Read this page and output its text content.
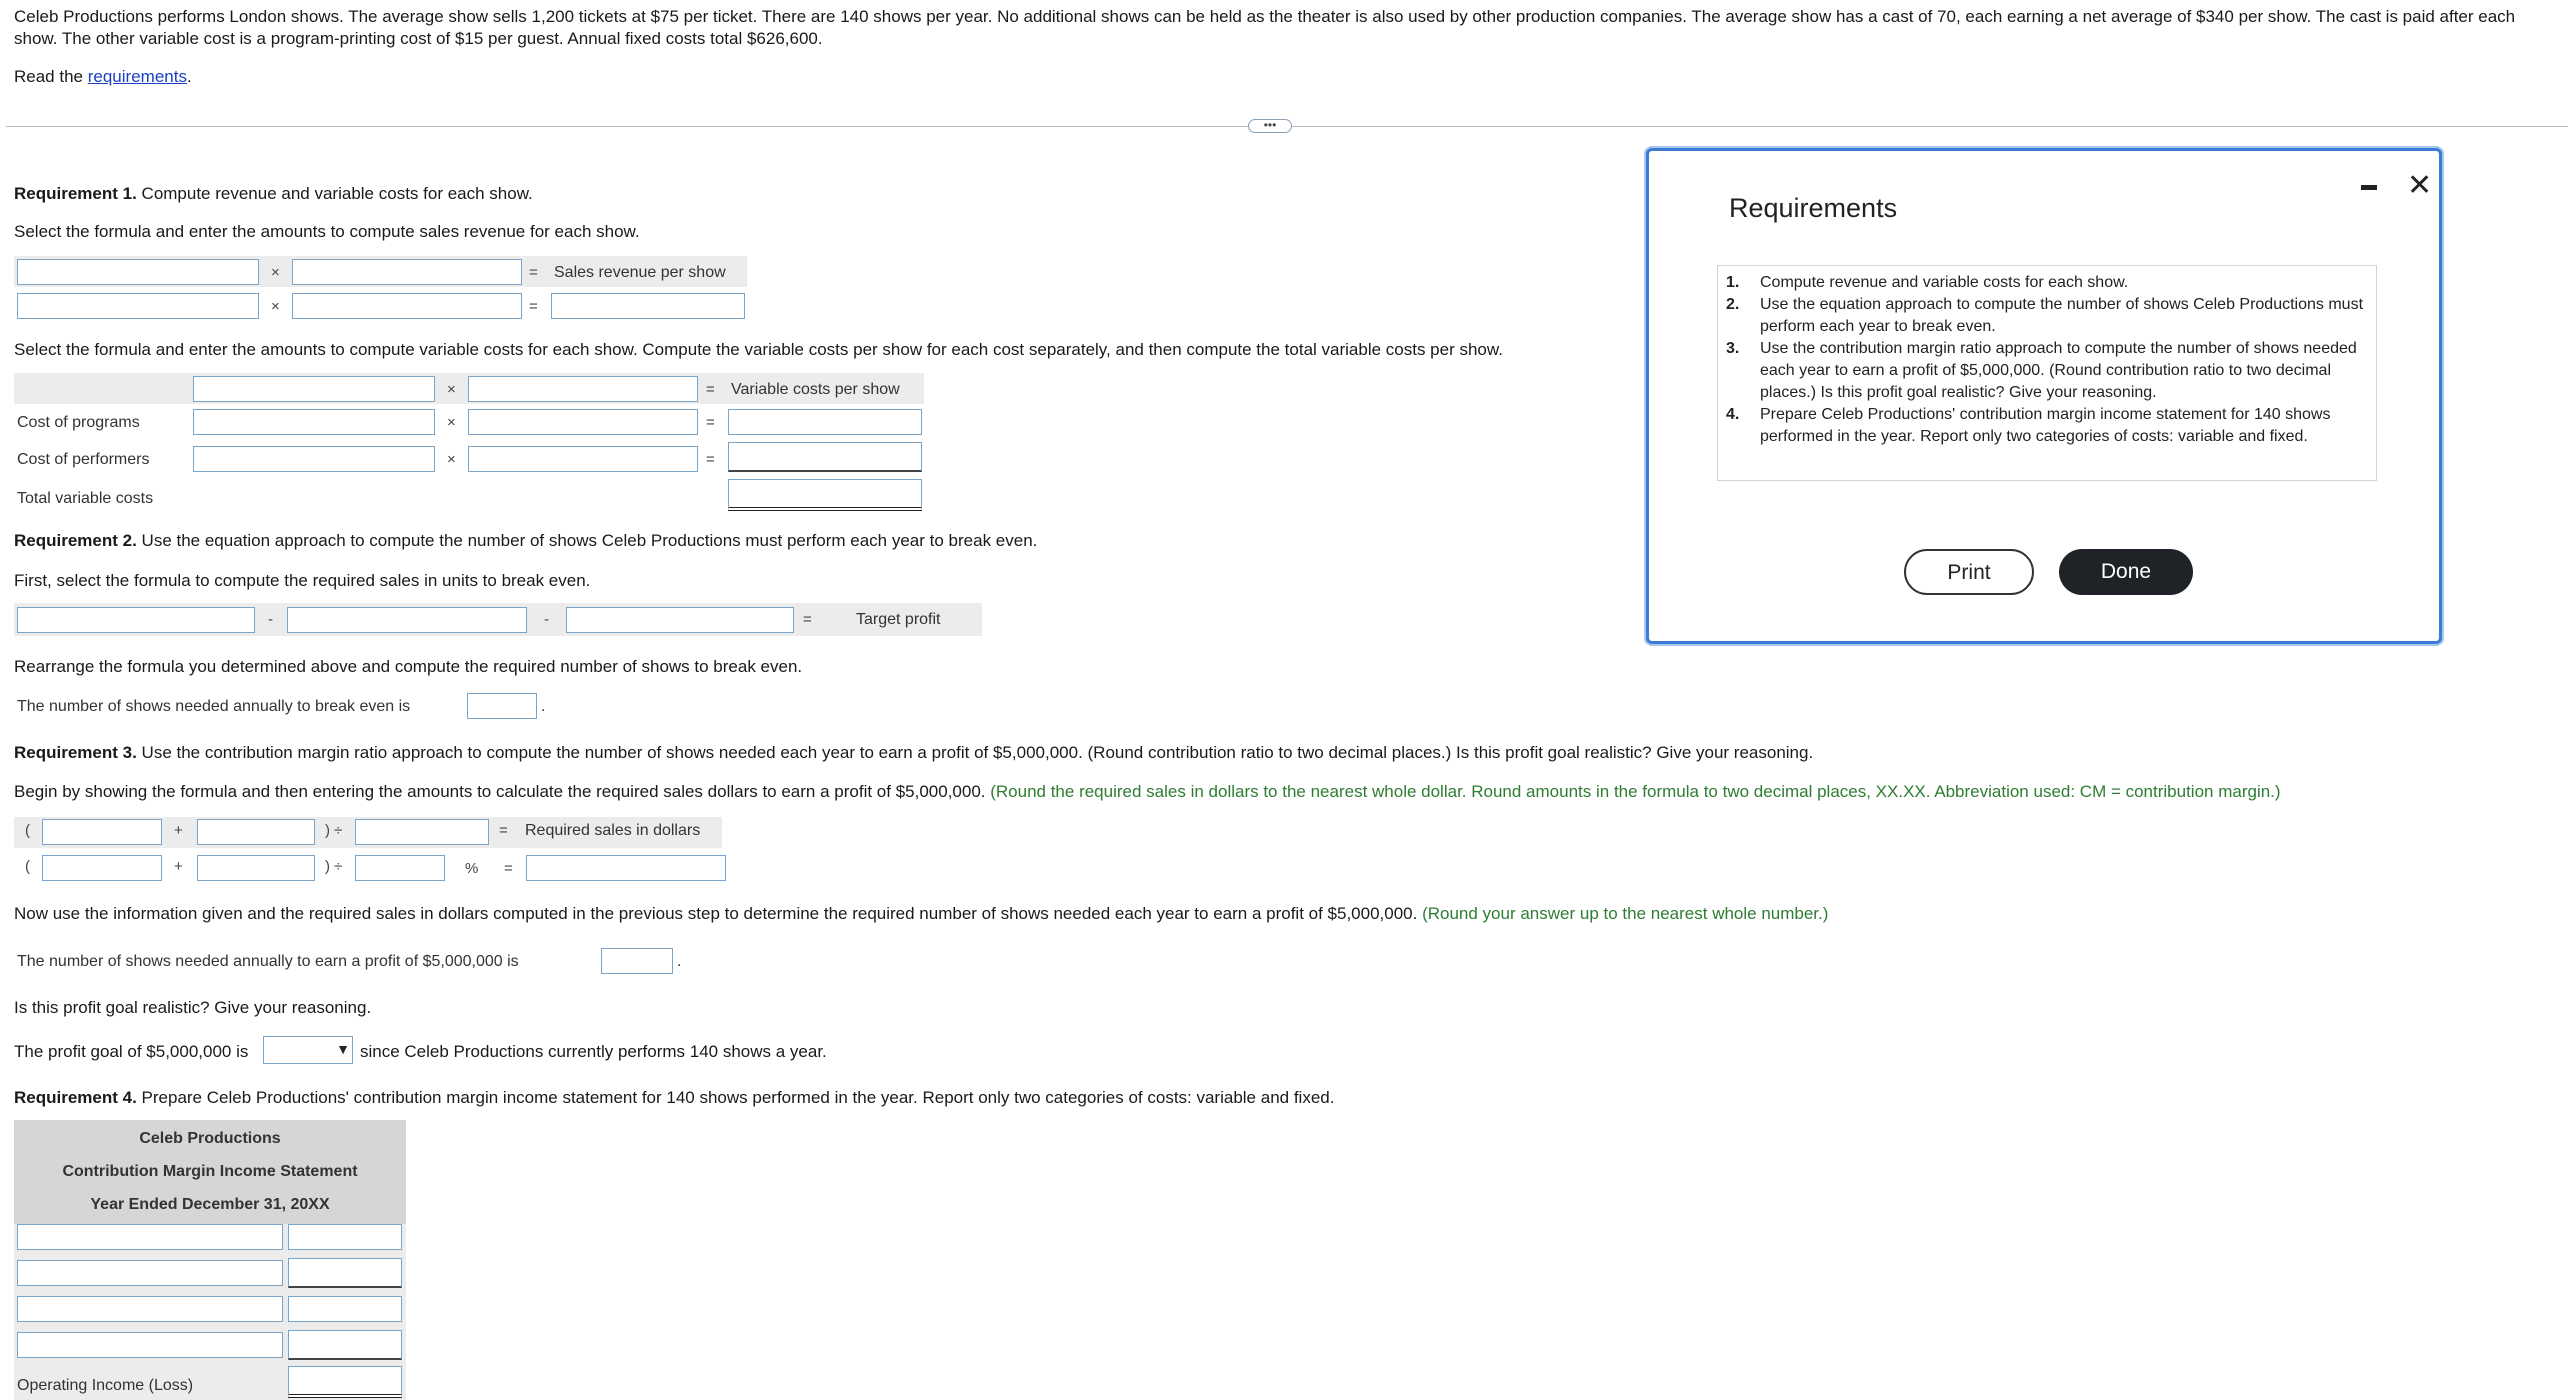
Celeb Productions performs London shows. The average show sells 1,200 tickets at $75 per ticket. There are 140 shows per year. No additional shows can be held as the theater is also used by other production companies. The average show has a cast of 70, each earning a net average of $340 per show. The cast is paid after each show. The other variable cost is a program-printing cost of $15 per guest. Annual fixed costs total $626,600.
Read the requirements.
•••
Requirement 1. Compute revenue and variable costs for each show.
Select the formula and enter the amounts to compute sales revenue for each show.
×	= Sales revenue per show
×	=
Select the formula and enter the amounts to compute variable costs for each show. Compute the variable costs per show for each cost separately, and then compute the total variable costs per show.
×	= Variable costs per show
Cost of programs	×	=
Cost of performers	×	=
Total variable costs
Requirement 2. Use the equation approach to compute the number of shows Celeb Productions must perform each year to break even.
First, select the formula to compute the required sales in units to break even.
-	-	=	Target profit
Rearrange the formula you determined above and compute the required number of shows to break even.
The number of shows needed annually to break even is	.
Requirement 3. Use the contribution margin ratio approach to compute the number of shows needed each year to earn a profit of $5,000,000. (Round contribution ratio to two decimal places.) Is this profit goal realistic? Give your reasoning.
Begin by showing the formula and then entering the amounts to calculate the required sales dollars to earn a profit of $5,000,000. (Round the required sales in dollars to the nearest whole dollar. Round amounts in the formula to two decimal places, XX.XX. Abbreviation used: CM = contribution margin.)
(	+	) ÷	= Required sales in dollars
(	+	) ÷	% =
Now use the information given and the required sales in dollars computed in the previous step to determine the required number of shows needed each year to earn a profit of $5,000,000. (Round your answer up to the nearest whole number.)
The number of shows needed annually to earn a profit of $5,000,000 is	.
Is this profit goal realistic? Give your reasoning.
The profit goal of $5,000,000 is	▼ since Celeb Productions currently performs 140 shows a year.
Requirement 4. Prepare Celeb Productions' contribution margin income statement for 140 shows performed in the year. Report only two categories of costs: variable and fixed.
Celeb Productions
Contribution Margin Income Statement
Year Ended December 31, 20XX
Operating Income (Loss)
✕
Requirements
1. Compute revenue and variable costs for each show.
2. Use the equation approach to compute the number of shows Celeb Productions must perform each year to break even.
3. Use the contribution margin ratio approach to compute the number of shows needed each year to earn a profit of $5,000,000. (Round contribution ratio to two decimal places.) Is this profit goal realistic? Give your reasoning.
4. Prepare Celeb Productions' contribution margin income statement for 140 shows performed in the year. Report only two categories of costs: variable and fixed.
Print	Done
